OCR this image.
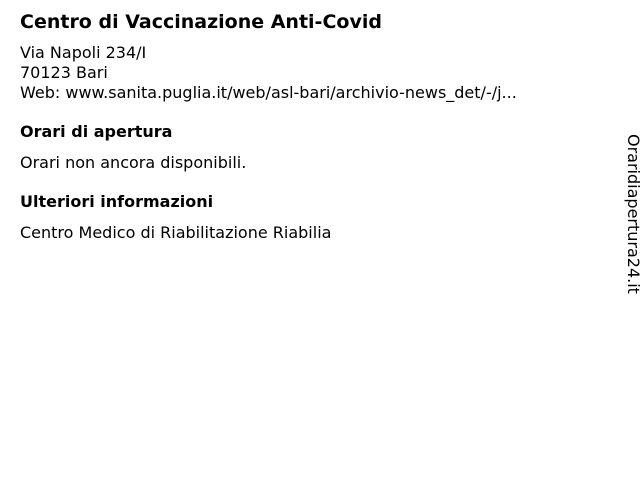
Centro di Vaccinazione Anti-Covid
Via Napoli 234/I
70123 Bari
Web: www.sanita.puglia.it/web/asl-bari/archivio-news_det/-/j...
Orari di apertura
Orari non ancora disponibili.
Ulteriori informazioni
Centro Medico di Riabilitazione Riabilia	Oraridiapertura24.it
